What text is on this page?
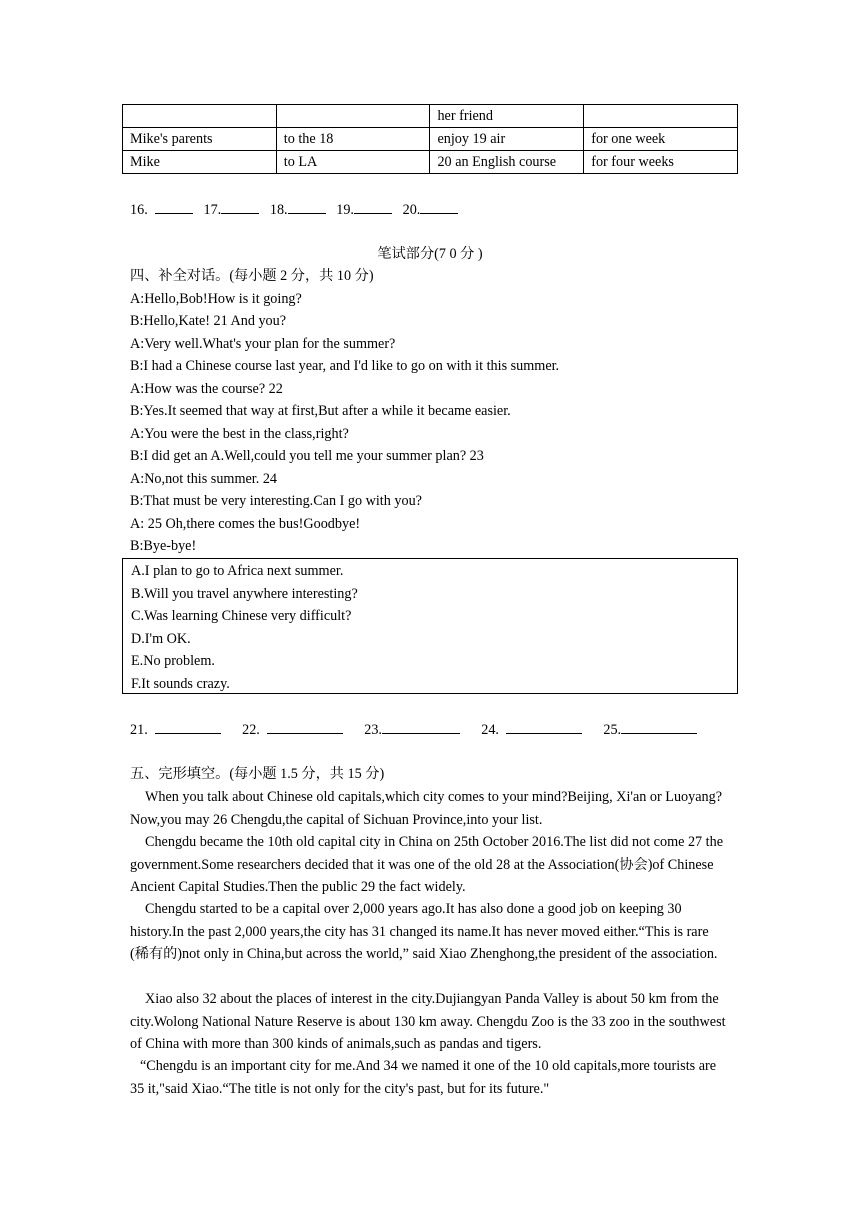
		her friend	
Mike's parents	to the 18	enjoy 19 air	for one week
Mike	to LA	20 an English course	for four weeks
16.	17.	18.	19.	20.
笔试部分(7 0 分 )
四、补全对话。(每小题 2 分，共 10 分)
A:Hello,Bob!How is it going?
B:Hello,Kate! 21 And you?
A:Very well.What's your plan for the summer?
B:I had a Chinese course last year, and I'd like to go on with it this summer.
A:How was the course? 22
B:Yes.It seemed that way at first,But after a while it became easier.
A:You were the best in the class,right?
B:I did get an A.Well,could you tell me your summer plan? 23
A:No,not this summer. 24
B:That must be very interesting.Can I go with you?
A: 25 Oh,there comes the bus!Goodbye!
B:Bye-bye!
A.I plan to go to Africa next summer.
B.Will you travel anywhere interesting?
C.Was learning Chinese very difficult?
D.I'm OK.
E.No problem.
F.It sounds crazy.
21.	22.	23.	24.	25.
五、完形填空。(每小题 1.5 分，共 15 分)
When you talk about Chinese old capitals,which city comes to your mind?Beijing, Xi'an or Luoyang?Now,you may 26 Chengdu,the capital of Sichuan Province,into your list.
Chengdu became the 10th old capital city in China on 25th October 2016.The list did not come 27 the government.Some researchers decided that it was one of the old 28 at the Association(协会)of Chinese Ancient Capital Studies.Then the public 29 the fact widely.
Chengdu started to be a capital over 2,000 years ago.It has also done a good job on keeping 30 history.In the past 2,000 years,the city has 31 changed its name.It has never moved either.“This is rare (稀有的)not only in China,but across the world,” said Xiao Zhenghong,the president of the association.
Xiao also 32 about the places of interest in the city.Dujiangyan Panda Valley is about 50 km from the city.Wolong National Nature Reserve is about 130 km away. Chengdu Zoo is the 33 zoo in the southwest of China with more than 300 kinds of animals,such as pandas and tigers.
“Chengdu is an important city for me.And 34 we named it one of the 10 old capitals,more tourists are 35 it,"said Xiao.“The title is not only for the city's past, but for its future."
